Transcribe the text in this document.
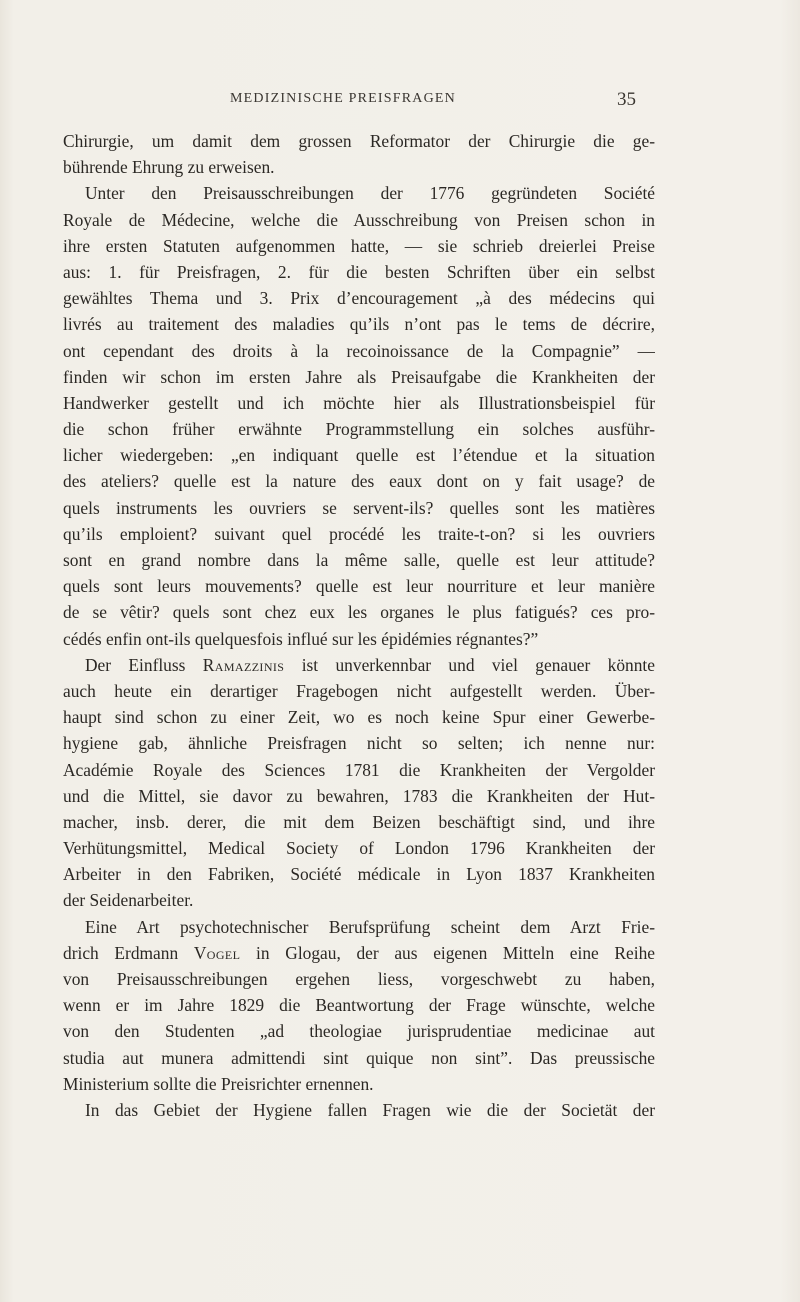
MEDIZINISCHE PREISFRAGEN	35
Chirurgie, um damit dem grossen Reformator der Chirurgie die ge-
bührende Ehrung zu erweisen.
Unter den Preisausschreibungen der 1776 gegründeten Société
Royale de Médecine, welche die Ausschreibung von Preisen schon in
ihre ersten Statuten aufgenommen hatte, — sie schrieb dreierlei Preise
aus: 1. für Preisfragen, 2. für die besten Schriften über ein selbst
gewähltes Thema und 3. Prix d’encouragement „à des médecins qui
livrés au traitement des maladies qu’ils n’ont pas le tems de décrire,
ont cependant des droits à la recoinoissance de la Compagnie” —
finden wir schon im ersten Jahre als Preisaufgabe die Krankheiten der
Handwerker gestellt und ich möchte hier als Illustrationsbeispiel für
die schon früher erwähnte Programmstellung ein solches ausführ-
licher wiedergeben: „en indiquant quelle est l’étendue et la situation
des ateliers? quelle est la nature des eaux dont on y fait usage? de
quels instruments les ouvriers se servent-ils? quelles sont les matières
qu’ils emploient? suivant quel procédé les traite-t-on? si les ouvriers
sont en grand nombre dans la même salle, quelle est leur attitude?
quels sont leurs mouvements? quelle est leur nourriture et leur manière
de se vêtir? quels sont chez eux les organes le plus fatigués? ces pro-
cédés enfin ont-ils quelquesfois influé sur les épidémies régnantes?”
Der Einfluss Ramazzinis ist unverkennbar und viel genauer könnte
auch heute ein derartiger Fragebogen nicht aufgestellt werden. Über-
haupt sind schon zu einer Zeit, wo es noch keine Spur einer Gewerbe-
hygiene gab, ähnliche Preisfragen nicht so selten; ich nenne nur:
Académie Royale des Sciences 1781 die Krankheiten der Vergolder
und die Mittel, sie davor zu bewahren, 1783 die Krankheiten der Hut-
macher, insb. derer, die mit dem Beizen beschäftigt sind, und ihre
Verhütungsmittel, Medical Society of London 1796 Krankheiten der
Arbeiter in den Fabriken, Société médicale in Lyon 1837 Krankheiten
der Seidenarbeiter.
Eine Art psychotechnischer Berufsprüfung scheint dem Arzt Frie-
drich Erdmann Vogel in Glogau, der aus eigenen Mitteln eine Reihe
von Preisausschreibungen ergehen liess, vorgeschwebt zu haben,
wenn er im Jahre 1829 die Beantwortung der Frage wünschte, welche
von den Studenten „ad theologiae jurisprudentiae medicinae aut
studia aut munera admittendi sint quique non sint”. Das preussische
Ministerium sollte die Preisrichter ernennen.
In das Gebiet der Hygiene fallen Fragen wie die der Societät der
